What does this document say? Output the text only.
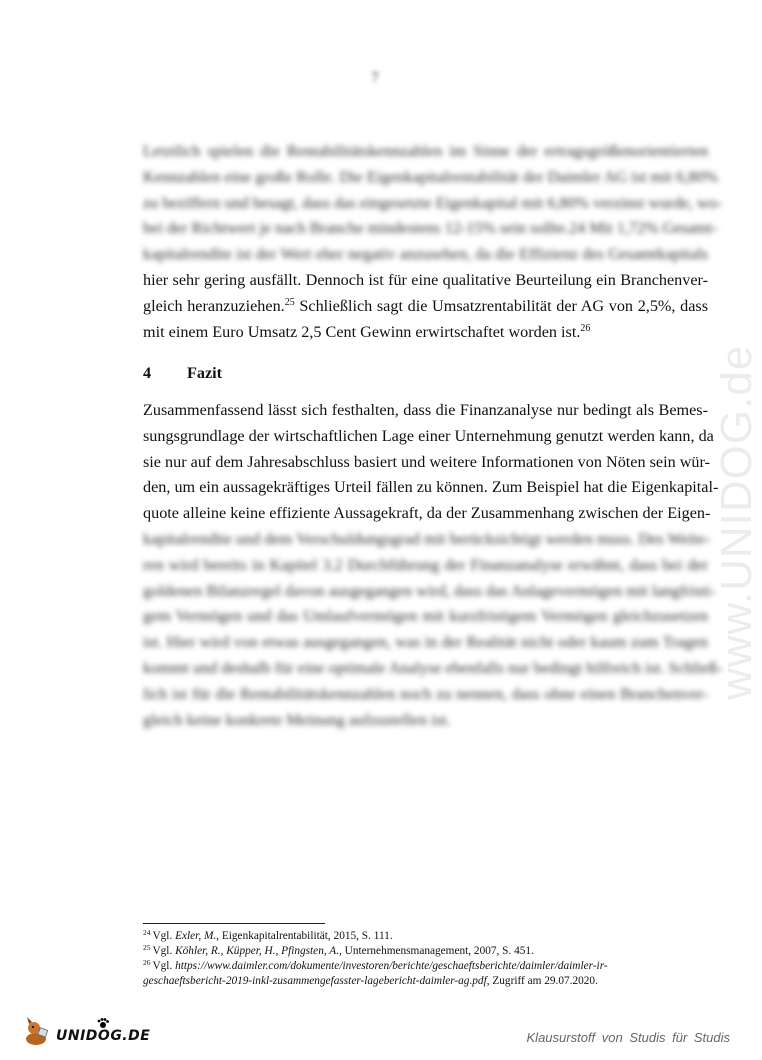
7
www.UNIDOG.de
Letztlich spielen die Rentabilitätskennzahlen im Sinne der ertragsgrößenorientierten
Kennzahlen eine große Rolle. Die Eigenkapitalrentabilität der Daimler AG ist mit 6,80%
zu beziffern und besagt, dass das eingesetzte Eigenkapital mit 6,80% verzinst wurde, wo-
bei der Richtwert je nach Branche mindestens 12-15% sein sollte.24 Mit 1,72% Gesamt-
kapitalrendite ist der Wert eher negativ anzusehen, da die Effizienz des Gesamtkapitals
hier sehr gering ausfällt. Dennoch ist für eine qualitative Beurteilung ein Branchenver-
gleich heranzuziehen.$^{25}$ Schließlich sagt die Umsatzrentabilität der AG von 2,5%, dass
mit einem Euro Umsatz 2,5 Cent Gewinn erwirtschaftet worden ist.$^{26}$
4 Fazit
Zusammenfassend lässt sich festhalten, dass die Finanzanalyse nur bedingt als Bemes-
sungsgrundlage der wirtschaftlichen Lage einer Unternehmung genutzt werden kann, da
sie nur auf dem Jahresabschluss basiert und weitere Informationen von Nöten sein wür-
den, um ein aussagekräftiges Urteil fällen zu können. Zum Beispiel hat die Eigenkapital-
quote alleine keine effiziente Aussagekraft, da der Zusammenhang zwischen der Eigen-
kapitalrendite und dem Verschuldungsgrad mit berücksichtigt werden muss. Des Weite-
ren wird bereits in Kapitel 3.2 Durchführung der Finanzanalyse erwähnt, dass bei der
goldenen Bilanzregel davon ausgegangen wird, dass das Anlagevermögen mit langfristi-
gem Vermögen und das Umlaufvermögen mit kurzfristigem Vermögen gleichzusetzen
ist. Hier wird von etwas ausgegangen, was in der Realität nicht oder kaum zum Tragen
kommt und deshalb für eine optimale Analyse ebenfalls nur bedingt hilfreich ist. Schließ-
lich ist für die Rentabilitätskennzahlen noch zu nennen, dass ohne einen Branchenver-
gleich keine konkrete Meinung aufzustellen ist.
$^{24}$ Vgl. Exler, M., Eigenkapitalrentabilität, 2015, S. 111.
$^{25}$ Vgl. Köhler, R., Küpper, H., Pfingsten, A., Unternehmensmanagement, 2007, S. 451.
$^{26}$ Vgl. https://www.daimler.com/dokumente/investoren/berichte/geschaeftsberichte/daimler/daimler-ir-
geschaeftsbericht-2019-inkl-zusammengefasster-lagebericht-daimler-ag.pdf, Zugriff am 29.07.2020.
UNIDOG.DE	Klausurstoff von Studis für Studis
